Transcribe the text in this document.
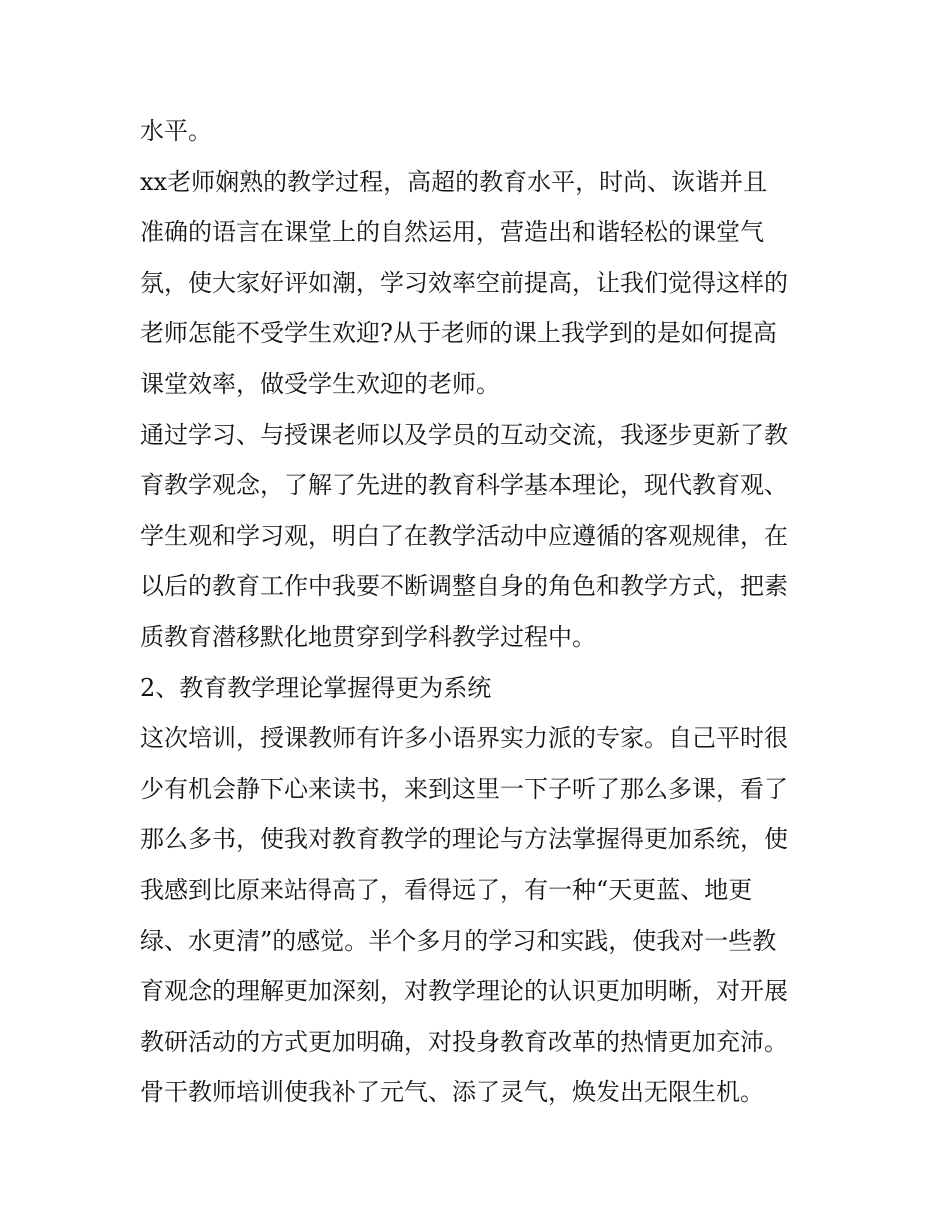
水平。
xx老师娴熟的教学过程，高超的教育水平，时尚、诙谐并且
准确的语言在课堂上的自然运用，营造出和谐轻松的课堂气
氛，使大家好评如潮，学习效率空前提高，让我们觉得这样的
老师怎能不受学生欢迎?从于老师的课上我学到的是如何提高
课堂效率，做受学生欢迎的老师。
通过学习、与授课老师以及学员的互动交流，我逐步更新了教
育教学观念，了解了先进的教育科学基本理论，现代教育观、
学生观和学习观，明白了在教学活动中应遵循的客观规律，在
以后的教育工作中我要不断调整自身的角色和教学方式，把素
质教育潜移默化地贯穿到学科教学过程中。
2、教育教学理论掌握得更为系统
这次培训，授课教师有许多小语界实力派的专家。自己平时很
少有机会静下心来读书，来到这里一下子听了那么多课，看了
那么多书，使我对教育教学的理论与方法掌握得更加系统，使
我感到比原来站得高了，看得远了，有一种“天更蓝、地更
绿、水更清”的感觉。半个多月的学习和实践，使我对一些教
育观念的理解更加深刻，对教学理论的认识更加明晰，对开展
教研活动的方式更加明确，对投身教育改革的热情更加充沛。
骨干教师培训使我补了元气、添了灵气，焕发出无限生机。
